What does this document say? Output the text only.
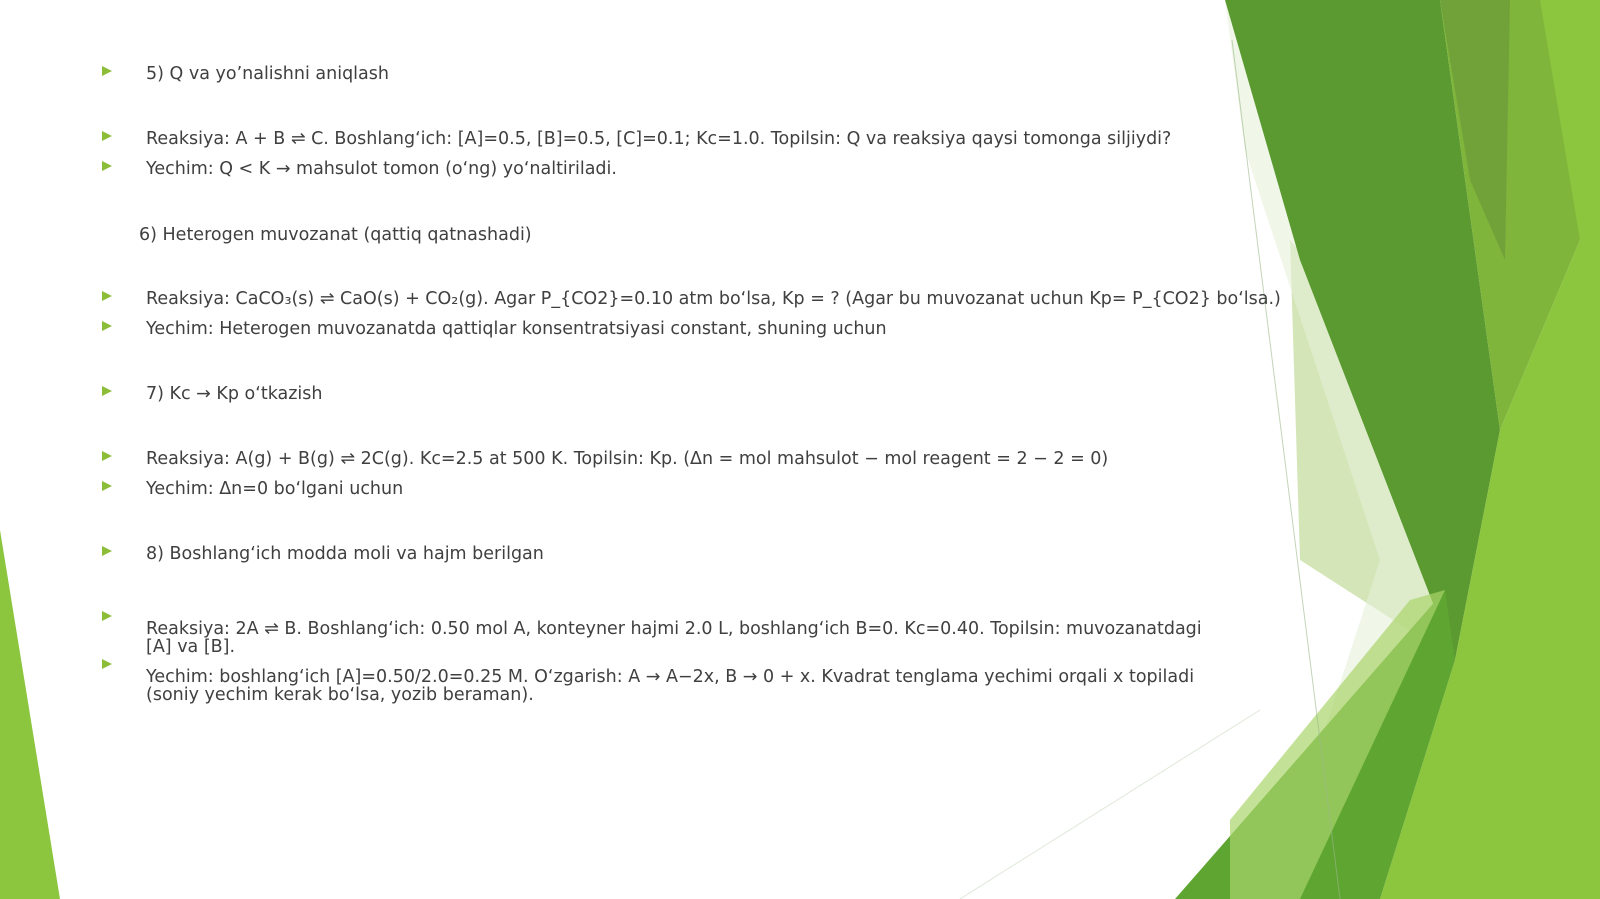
5) Q va yo’nalishni aniqlash
Reaksiya: A + B ⇌ C. Boshlang‘ich: [A]=0.5, [B]=0.5, [C]=0.1; Kc=1.0. Topilsin: Q va reaksiya qaysi tomonga siljiydi?
Yechim: Q < K → mahsulot tomon (o‘ng) yo‘naltiriladi.
6) Heterogen muvozanat (qattiq qatnashadi)
Reaksiya: CaCO₃(s) ⇌ CaO(s) + CO₂(g). Agar P_{CO2}=0.10 atm bo‘lsa, Kp = ? (Agar bu muvozanat uchun Kp= P_{CO2} bo‘lsa.)
Yechim: Heterogen muvozanatda qattiqlar konsentratsiyasi constant, shuning uchun
7) Kc → Kp o‘tkazish
Reaksiya: A(g) + B(g) ⇌ 2C(g). Kc=2.5 at 500 K. Topilsin: Kp. (Δn = mol mahsulot − mol reagent = 2 − 2 = 0)
Yechim: Δn=0 bo‘lgani uchun
8) Boshlang‘ich modda moli va hajm berilgan
Reaksiya: 2A ⇌ B. Boshlang‘ich: 0.50 mol A, konteyner hajmi 2.0 L, boshlang‘ich B=0. Kc=0.40. Topilsin: muvozanatdagi [A] va [B].
Yechim: boshlang‘ich [A]=0.50/2.0=0.25 M. O‘zgarish: A → A−2x, B → 0 + x. Kvadrat tenglama yechimi orqali x topiladi (soniy yechim kerak bo‘lsa, yozib beraman).
